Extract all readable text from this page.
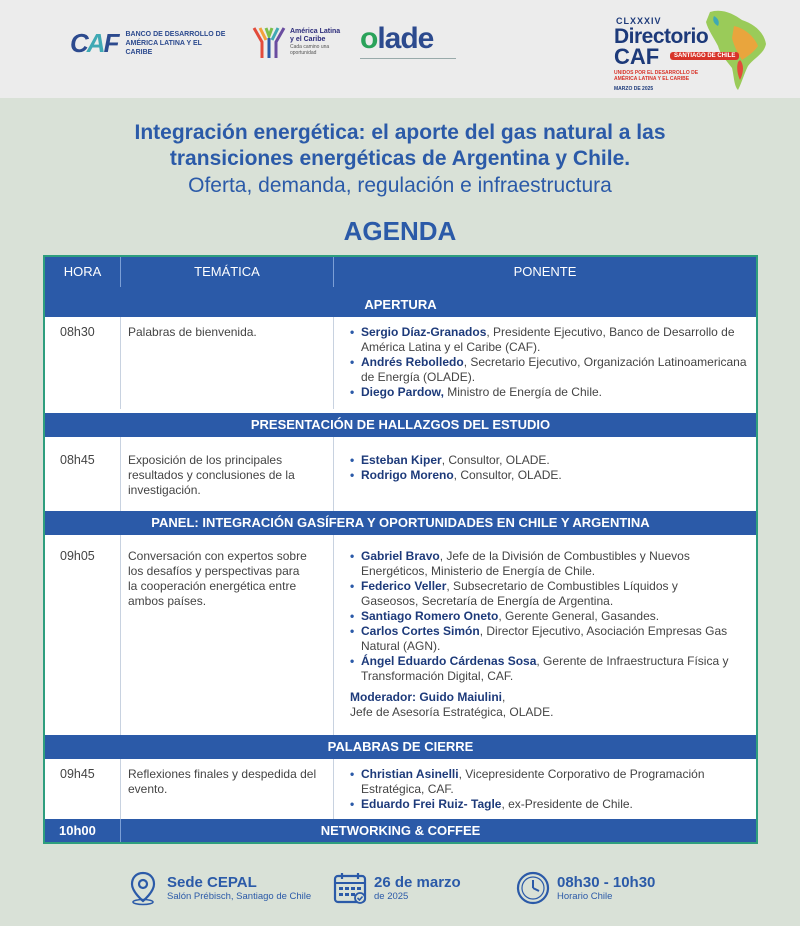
CAF BANCO DE DESARROLLO DE AMÉRICA LATINA Y EL CARIBE
América Latina y el Caribe
Cada camino una oportunidad	olade
CLXXXIV
Directorio
CAF	SANTIAGO DE CHILE
UNIDOS POR EL DESARROLLO DE AMÉRICA LATINA Y EL CARIBE
MARZO DE 2025
Integración energética: el aporte del gas natural a las
transiciones energéticas de Argentina y Chile.
Oferta, demanda, regulación e infraestructura
AGENDA
HORA	TEMÁTICA	PONENTE
APERTURA
08h30	Palabras de bienvenida.
•	Sergio Díaz-Granados, Presidente Ejecutivo, Banco de Desarrollo de América Latina y el Caribe (CAF).
• Andrés Rebolledo, Secretario Ejecutivo, Organización Latinoamericana de Energía (OLADE).
• Diego Pardow, Ministro de Energía de Chile.
PRESENTACIÓN DE HALLAZGOS DEL ESTUDIO
08h45	Exposición de los principales resultados y conclusiones de la investigación.
• Esteban Kiper, Consultor, OLADE.
• Rodrigo Moreno, Consultor, OLADE.
PANEL: INTEGRACIÓN GASÍFERA Y OPORTUNIDADES EN CHILE Y ARGENTINA
09h05	Conversación con expertos sobre los desafíos y perspectivas para la cooperación energética entre ambos países.
• Gabriel Bravo, Jefe de la División de Combustibles y Nuevos Energéticos, Ministerio de Energía de Chile.
• Federico Veller, Subsecretario de Combustibles Líquidos y Gaseosos, Secretaría de Energía de Argentina.
• Santiago Romero Oneto, Gerente General, Gasandes.
• Carlos Cortes Simón, Director Ejecutivo, Asociación Empresas Gas Natural (AGN).
• Ángel Eduardo Cárdenas Sosa, Gerente de Infraestructura Física y Transformación Digital, CAF.
Moderador: Guido Maiulini,
Jefe de Asesoría Estratégica, OLADE.
PALABRAS DE CIERRE
09h45	Reflexiones finales y despedida del evento.
• Christian Asinelli, Vicepresidente Corporativo de Programación Estratégica, CAF.
• Eduardo Frei Ruiz- Tagle, ex-Presidente de Chile.
NETWORKING & COFFEE
10h00
Sede CEPAL
Salón Prébisch, Santiago de Chile
26 de marzo
de 2025
08h30 - 10h30
Horario Chile
